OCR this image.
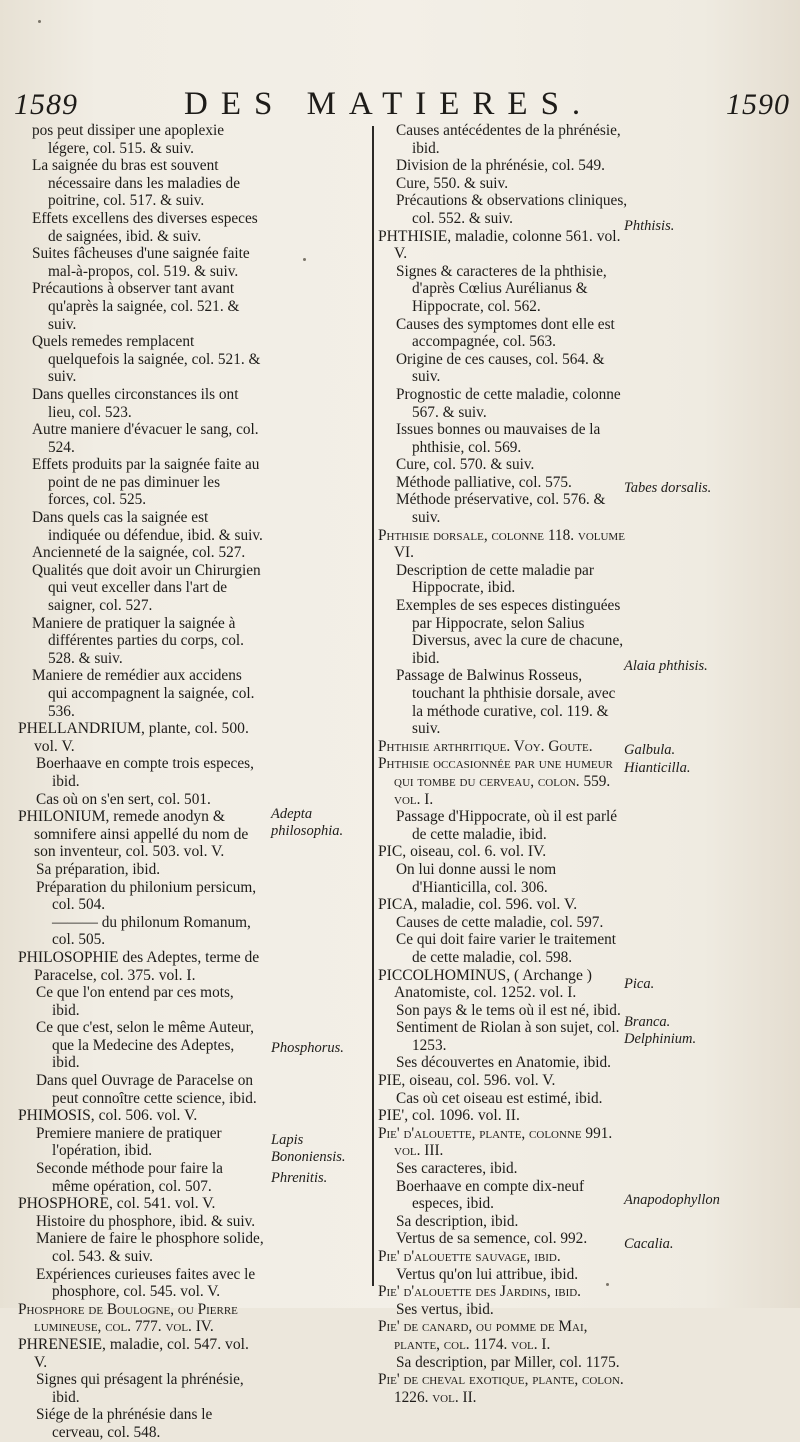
1589	DES MATIERES.	1590

pos peut dissiper une apoplexie légere, col. 515. & suiv.

La saignée du bras est souvent nécessaire dans les maladies de poitrine, col. 517. & suiv.

Effets excellens des diverses especes de saignées, ibid. & suiv.

Suites fâcheuses d'une saignée faite mal-à-propos, col. 519. & suiv.

Précautions à observer tant avant qu'après la saignée, col. 521. & suiv.

Quels remedes remplacent quelquefois la saignée, col. 521. & suiv.

Dans quelles circonstances ils ont lieu, col. 523.

Autre maniere d'évacuer le sang, col. 524.

Effets produits par la saignée faite au point de ne pas diminuer les forces, col. 525.

Dans quels cas la saignée est indiquée ou défendue, ibid. & suiv.

Ancienneté de la saignée, col. 527.

Qualités que doit avoir un Chirurgien qui veut exceller dans l'art de saigner, col. 527.

Maniere de pratiquer la saignée à différentes parties du corps, col. 528. & suiv.

Maniere de remédier aux accidens qui accompagnent la saignée, col. 536.

PHELLANDRIUM, plante, col. 500. vol. V.

Boerhaave en compte trois especes, ibid.

Cas où on s'en sert, col. 501.

PHILONIUM, remede anodyn & somnifere ainsi appellé du nom de son inventeur, col. 503. vol. V.

Sa préparation, ibid.

Préparation du philonium persicum, col. 504.

——— du philonum Romanum, col. 505.

PHILOSOPHIE des Adeptes, terme de Paracelse, col. 375. vol. I.

Ce que l'on entend par ces mots, ibid.

Ce que c'est, selon le même Auteur, que la Medecine des Adeptes, ibid.

Dans quel Ouvrage de Paracelse on peut connoître cette science, ibid.

PHIMOSIS, col. 506. vol. V.

Premiere maniere de pratiquer l'opération, ibid.

Seconde méthode pour faire la même opération, col. 507.

PHOSPHORE, col. 541. vol. V.

Histoire du phosphore, ibid. & suiv.

Maniere de faire le phosphore solide, col. 543. & suiv.

Expériences curieuses faites avec le phosphore, col. 545. vol. V.

Phosphore de Boulogne, ou Pierre lumineuse, col. 777. vol. IV.

PHRENESIE, maladie, col. 547. vol. V.

Signes qui présagent la phrénésie, ibid.

Siége de la phrénésie dans le cerveau, col. 548.

Causes antécédentes de la phrénésie, ibid.

Division de la phrénésie, col. 549.

Cure, 550. & suiv.

Précautions & observations cliniques, col. 552. & suiv.

PHTHISIE, maladie, colonne 561. vol. V.

Signes & caracteres de la phthisie, d'après Cœlius Aurélianus & Hippocrate, col. 562.

Causes des symptomes dont elle est accompagnée, col. 563.

Origine de ces causes, col. 564. & suiv.

Prognostic de cette maladie, colonne 567. & suiv.

Issues bonnes ou mauvaises de la phthisie, col. 569.

Cure, col. 570. & suiv.

Méthode palliative, col. 575.

Méthode préservative, col. 576. & suiv.

Phthisie dorsale, colonne 118. volume VI.

Description de cette maladie par Hippocrate, ibid.

Exemples de ses especes distinguées par Hippocrate, selon Salius Diversus, avec la cure de chacune, ibid.

Passage de Balwinus Rosseus, touchant la phthisie dorsale, avec la méthode curative, col. 119. & suiv.

Phthisie arthritique. Voy. Goute.

Phthisie occasionnée par une humeur qui tombe du cerveau, colon. 559. vol. I.

Passage d'Hippocrate, où il est parlé de cette maladie, ibid.

PIC, oiseau, col. 6. vol. IV.

On lui donne aussi le nom d'Hianticilla, col. 306.

PICA, maladie, col. 596. vol. V.

Causes de cette maladie, col. 597.

Ce qui doit faire varier le traitement de cette maladie, col. 598.

PICCOLHOMINUS, ( Archange ) Anatomiste, col. 1252. vol. I.

Son pays & le tems où il est né, ibid.

Sentiment de Riolan à son sujet, col. 1253.

Ses découvertes en Anatomie, ibid.

PIE, oiseau, col. 596. vol. V.

Cas où cet oiseau est estimé, ibid.

PIE', col. 1096. vol. II.

Pie' d'alouette, plante, colonne 991. vol. III.

Ses caracteres, ibid.

Boerhaave en compte dix-neuf especes, ibid.

Sa description, ibid.

Vertus de sa semence, col. 992.

Pie' d'alouette sauvage, ibid.

Vertus qu'on lui attribue, ibid.

Pie' d'alouette des Jardins, ibid.

Ses vertus, ibid.

Pie' de canard, ou pomme de Mai, plante, col. 1174. vol. I.

Sa description, par Miller, col. 1175.

Pie' de cheval exotique, plante, colon. 1226. vol. II.

Adepta philosophia.
Phosphorus.
Lapis Bononiensis.
Phrenitis.
Phthisis.
Tabes dorsalis.
Alaia phthisis.
Galbula.
Hianticilla.
Pica.
Branca.
Delphinium.
Anapodophyllon
Cacalia.
